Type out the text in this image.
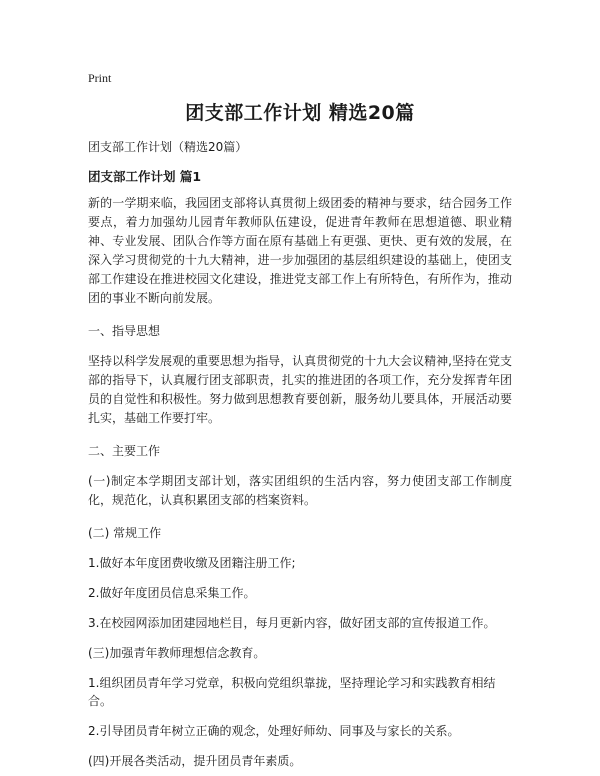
Print
团支部工作计划 精选20篇
团支部工作计划（精选20篇）
团支部工作计划 篇1

新的一学期来临，我园团支部将认真贯彻上级团委的精神与要求，结合园务工作要点，着力加强幼儿园青年教师队伍建设，促进青年教师在思想道德、职业精神、专业发展、团队合作等方面在原有基础上有更强、更快、更有效的发展，在深入学习贯彻党的十九大精神，进一步加强团的基层组织建设的基础上，使团支部工作建设在推进校园文化建设，推进党支部工作上有所特色，有所作为，推动团的事业不断向前发展。

一、指导思想

坚持以科学发展观的重要思想为指导，认真贯彻党的十九大会议精神,坚持在党支部的指导下，认真履行团支部职责，扎实的推进团的各项工作，充分发挥青年团员的自觉性和积极性。努力做到思想教育要创新，服务幼儿要具体，开展活动要扎实，基础工作要打牢。

二、主要工作

(一)制定本学期团支部计划，落实团组织的生活内容，努力使团支部工作制度化，规范化，认真积累团支部的档案资料。

(二) 常规工作
1.做好本年度团费收缴及团籍注册工作;
2.做好年度团员信息采集工作。
3.在校园网添加团建园地栏目，每月更新内容，做好团支部的宣传报道工作。
(三)加强青年教师理想信念教育。
1.组织团员青年学习党章，积极向党组织靠拢，坚持理论学习和实践教育相结合。
2.引导团员青年树立正确的观念，处理好师幼、同事及与家长的关系。
(四)开展各类活动，提升团员青年素质。
